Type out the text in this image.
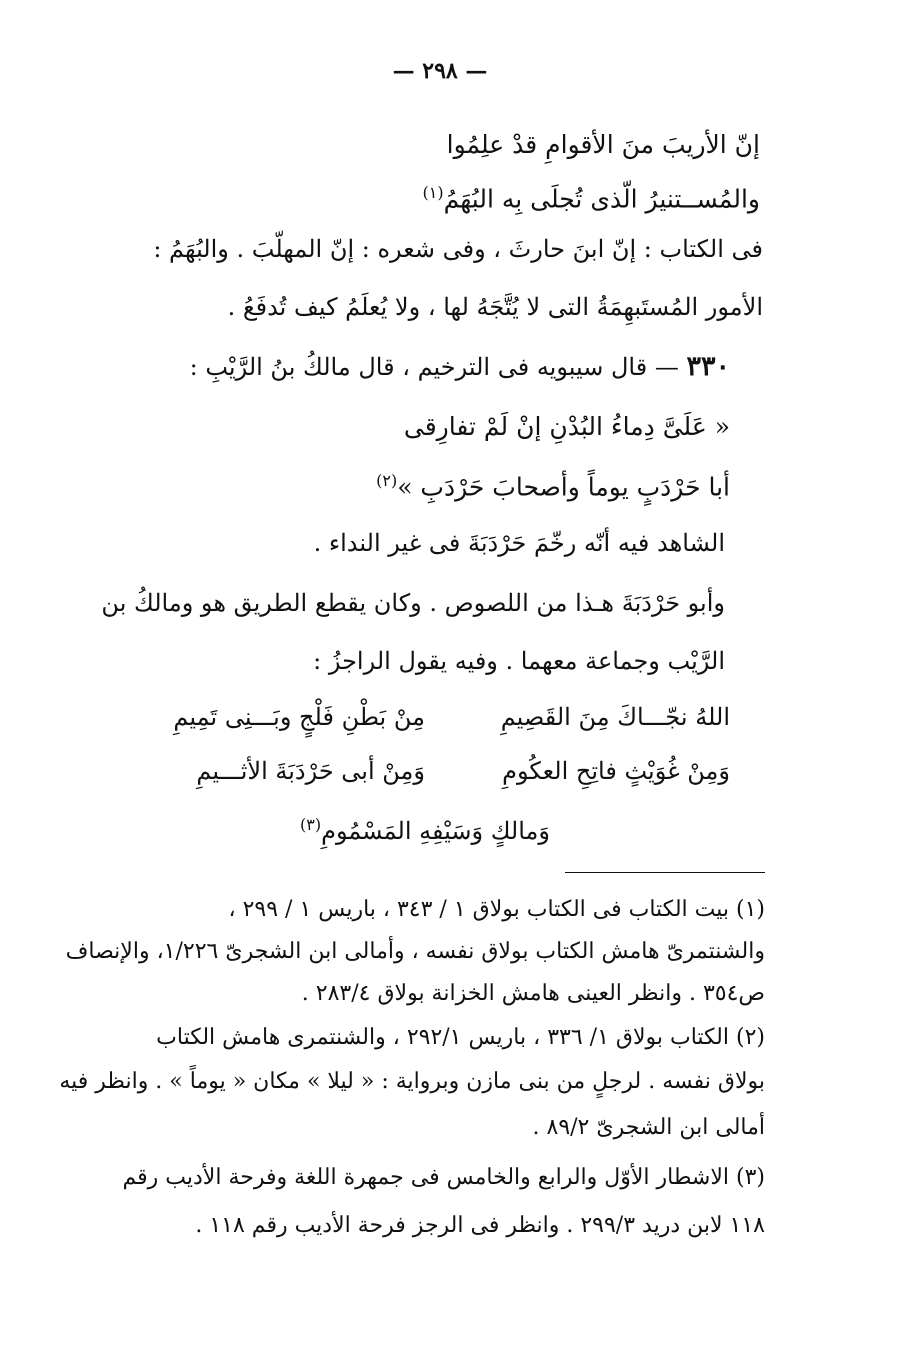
— ٢٩٨ —
إنّ الأريبَ منَ الأقوامِ قدْ علِمُوا
والمُســتنيرُ الّذى تُجلَى بِه البُهَمُ$^{(١)}$
فى الكتاب : إنّ ابنَ حارثَ ، وفى شعره : إنّ المهلّبَ . والبُهَمُ :
الأمور المُستَبهِمَةُ التى لا يُتَّجَهُ لها ، ولا يُعلَمُ كيف تُدفَعُ .
٣٣٠ — قال سيبويه فى الترخيم ، قال مالكُ بنُ الرَّيْبِ :
« عَلَىَّ دِماءُ البُدْنِ إنْ لَمْ تفارِقى
أبا حَرْدَبٍ يوماً وأصحابَ حَرْدَبِ »$^{(٢)}$
الشاهد فيه أنّه رخّمَ حَرْدَبَةَ فى غير النداء .
وأبو حَرْدَبَةَ هـذا من اللصوص . وكان يقطع الطريق هو ومالكُ بن
الرَّيْب وجماعة معهما . وفيه يقول الراجزُ :
اللهُ نجّـــاكَ مِنَ القَصِيمِ
مِنْ بَطْنِ فَلْجٍ وبَـــنِى تَمِيمِ
وَمِنْ غُوَيْثٍ فاتِحِ العكُومِ
وَمِنْ أبى حَرْدَبَةَ الأثـــيمِ
وَمالكٍ وَسَيْفِهِ المَسْمُومِ$^{(٣)}$
(١) بيت الكتاب فى الكتاب بولاق ١ / ٣٤٣ ، باريس ١ / ٢٩٩ ،
والشنتمرىّ هامش الكتاب بولاق نفسه ، وأمالى ابن الشجرىّ ١/٢٢٦، والإنصاف
ص٣٥٤ . وانظر العينى هامش الخزانة بولاق ٢٨٣/٤ .
(٢) الكتاب بولاق ١/ ٣٣٦ ، باريس ٢٩٢/١ ، والشنتمرى هامش الكتاب
بولاق نفسه . لرجلٍ من بنى مازن وبرواية : « ليلا » مكان « يوماً » . وانظر فيه
أمالى ابن الشجرىّ ٨٩/٢ .
(٣) الاشطار الأوّل والرابع والخامس فى جمهرة اللغة وفرحة الأديب رقم
١١٨ لابن دريد ٢٩٩/٣ . وانظر فى الرجز فرحة الأديب رقم ١١٨ .
